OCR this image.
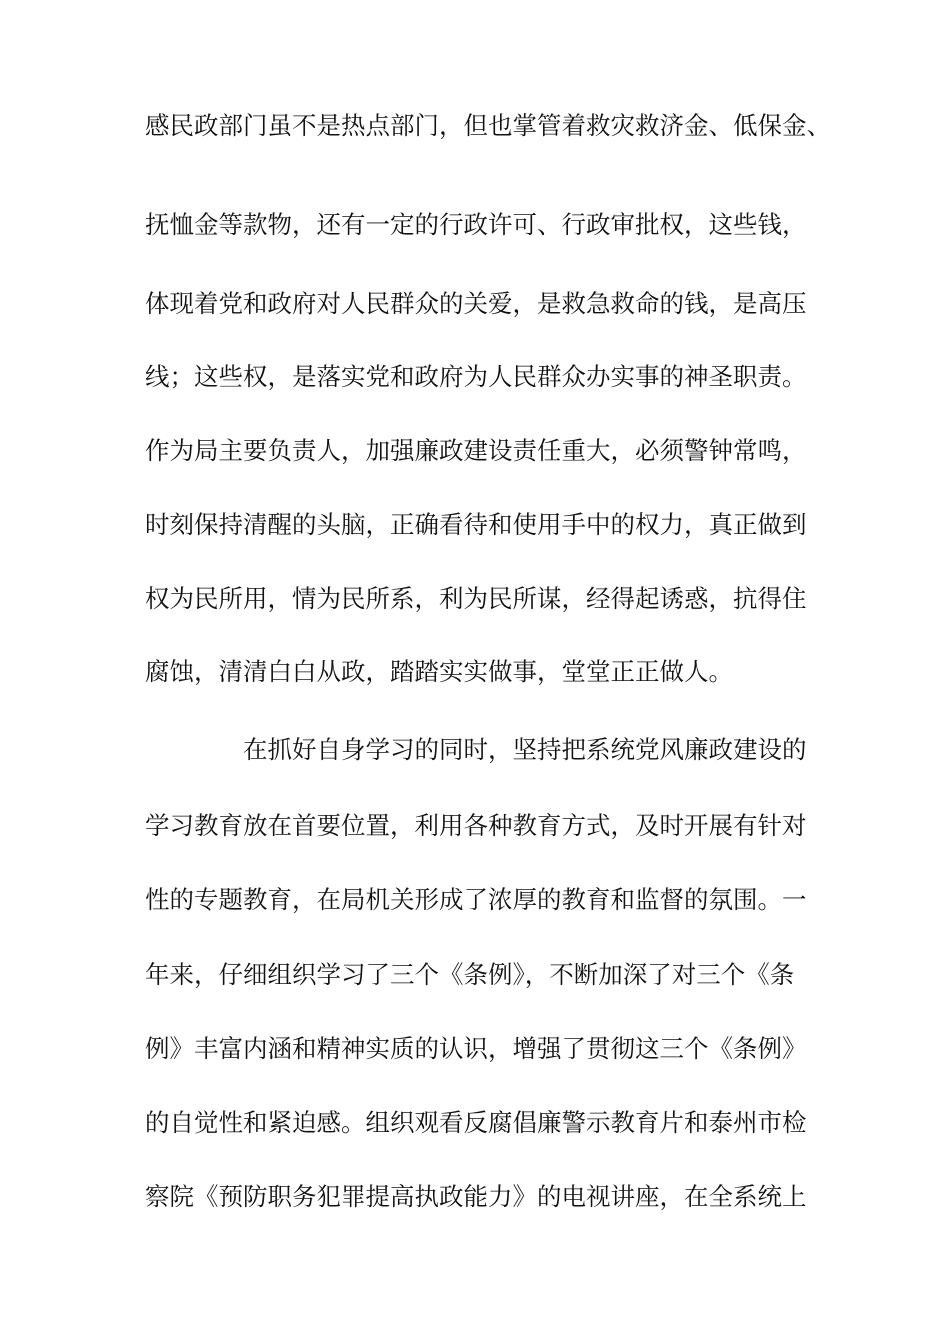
感民政部门虽不是热点部门，但也掌管着救灾救济金、低保金、
抚恤金等款物，还有一定的行政许可、行政审批权，这些钱，
体现着党和政府对人民群众的关爱，是救急救命的钱，是高压
线；这些权，是落实党和政府为人民群众办实事的神圣职责。
作为局主要负责人，加强廉政建设责任重大，必须警钟常鸣，
时刻保持清醒的头脑，正确看待和使用手中的权力，真正做到
权为民所用，情为民所系，利为民所谋，经得起诱惑，抗得住
腐蚀，清清白白从政，踏踏实实做事，堂堂正正做人。
在抓好自身学习的同时，坚持把系统党风廉政建设的
学习教育放在首要位置，利用各种教育方式，及时开展有针对
性的专题教育，在局机关形成了浓厚的教育和监督的氛围。一
年来，仔细组织学习了三个《条例》，不断加深了对三个《条
例》丰富内涵和精神实质的认识，增强了贯彻这三个《条例》
的自觉性和紧迫感。组织观看反腐倡廉警示教育片和泰州市检
察院《预防职务犯罪提高执政能力》的电视讲座，在全系统上
